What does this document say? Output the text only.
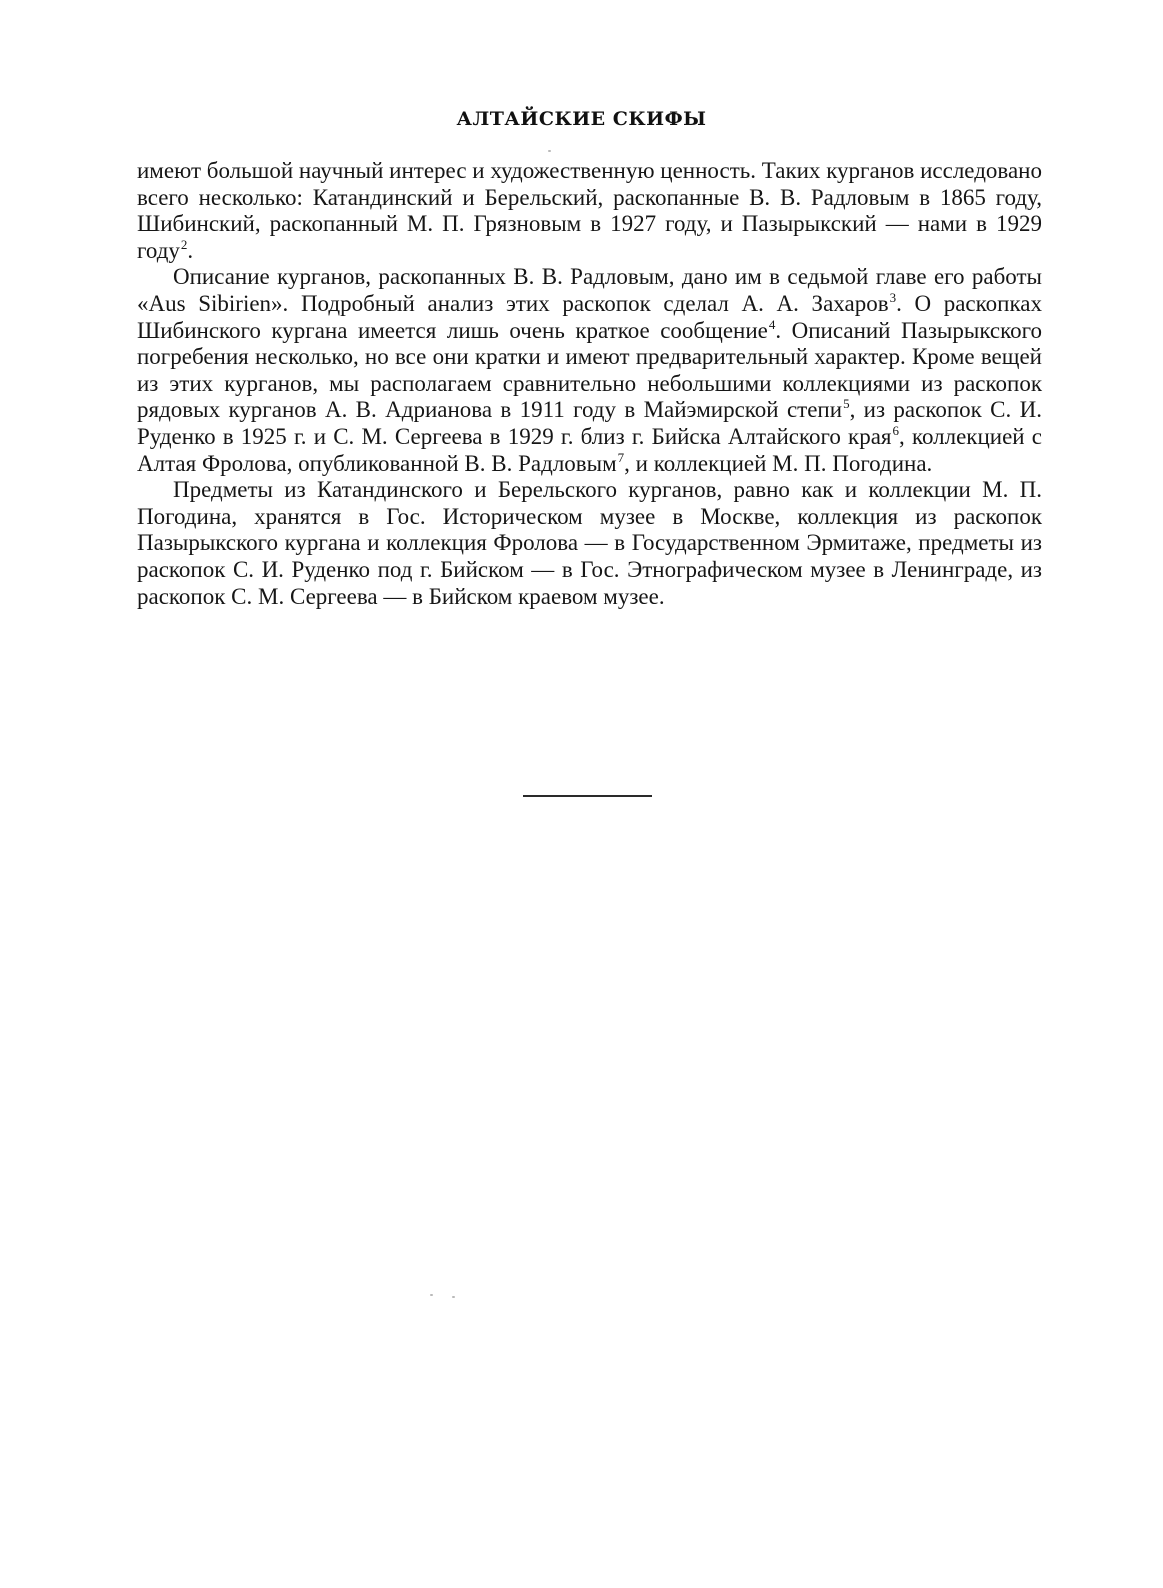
АЛТАЙСКИЕ СКИФЫ

имеют большой научный интерес и художественную ценность. Таких курганов исследовано всего несколько: Катандинский и Берельский, раскопанные В. В. Радловым в 1865 году, Шибинский, раскопанный М. П. Грязновым в 1927 году, и Пазырыкский — нами в 1929 году$^2$.

Описание курганов, раскопанных В. В. Радловым, дано им в седьмой главе его работы «Aus Sibirien». Подробный анализ этих раскопок сделал А. А. Захаров$^3$. О раскопках Шибинского кургана имеется лишь очень краткое сообщение$^4$. Описаний Пазырыкского погребения несколько, но все они кратки и имеют предварительный характер. Кроме вещей из этих курганов, мы располагаем сравнительно небольшими коллекциями из раскопок рядовых курганов А. В. Адрианова в 1911 году в Майэмирской степи$^5$, из раскопок С. И. Руденко в 1925 г. и С. М. Сергеева в 1929 г. близ г. Бийска Алтайского края$^6$, коллекцией с Алтая Фролова, опубликованной В. В. Радловым$^7$, и коллекцией М. П. Погодина.

Предметы из Катандинского и Берельского курганов, равно как и коллекции М. П. Погодина, хранятся в Гос. Историческом музее в Москве, коллекция из раскопок Пазырыкского кургана и коллекция Фролова — в Государственном Эрмитаже, предметы из раскопок С. И. Руденко под г. Бийском — в Гос. Этнографическом музее в Ленинграде, из раскопок С. М. Сергеева — в Бийском краевом музее.
